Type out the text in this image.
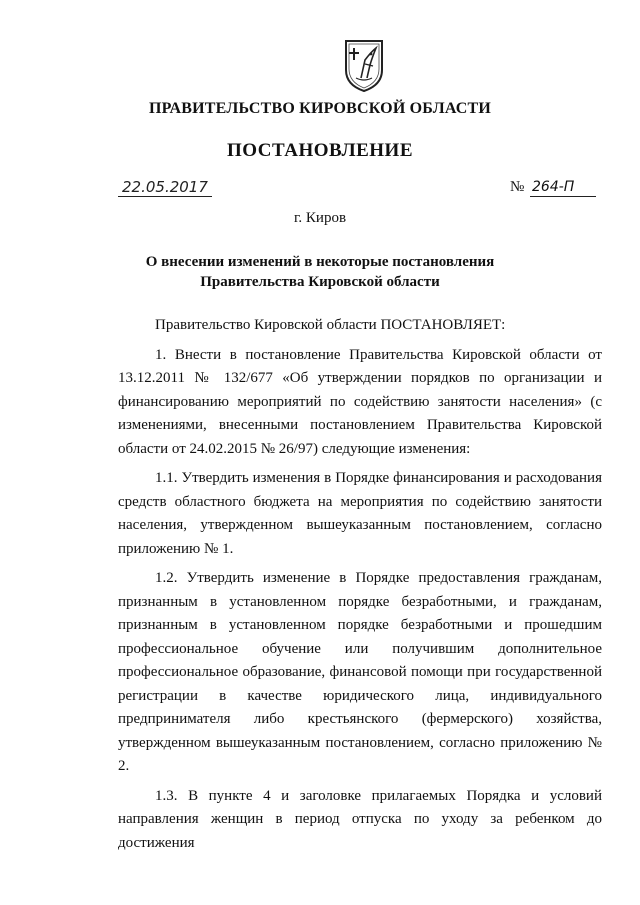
ПРАВИТЕЛЬСТВО КИРОВСКОЙ ОБЛАСТИ
ПОСТАНОВЛЕНИЕ
22.05.2017	№ 264-П
г. Киров
О внесении изменений в некоторые постановления
Правительства Кировской области

Правительство Кировской области ПОСТАНОВЛЯЕТ:

1. Внести в постановление Правительства Кировской области от 13.12.2011 № 132/677 «Об утверждении порядков по организации и финансированию мероприятий по содействию занятости населения» (с изменениями, внесенными постановлением Правительства Кировской области от 24.02.2015 № 26/97) следующие изменения:

1.1. Утвердить изменения в Порядке финансирования и расходования средств областного бюджета на мероприятия по содействию занятости населения, утвержденном вышеуказанным постановлением, согласно приложению № 1.

1.2. Утвердить изменение в Порядке предоставления гражданам, признанным в установленном порядке безработными, и гражданам, признанным в установленном порядке безработными и прошедшим профессиональное обучение или получившим дополнительное профессиональное образование, финансовой помощи при государственной регистрации в качестве юридического лица, индивидуального предпринимателя либо крестьянского (фермерского) хозяйства, утвержденном вышеуказанным постановлением, согласно приложению № 2.

1.3. В пункте 4 и заголовке прилагаемых Порядка и условий направления женщин в период отпуска по уходу за ребенком до достижения
